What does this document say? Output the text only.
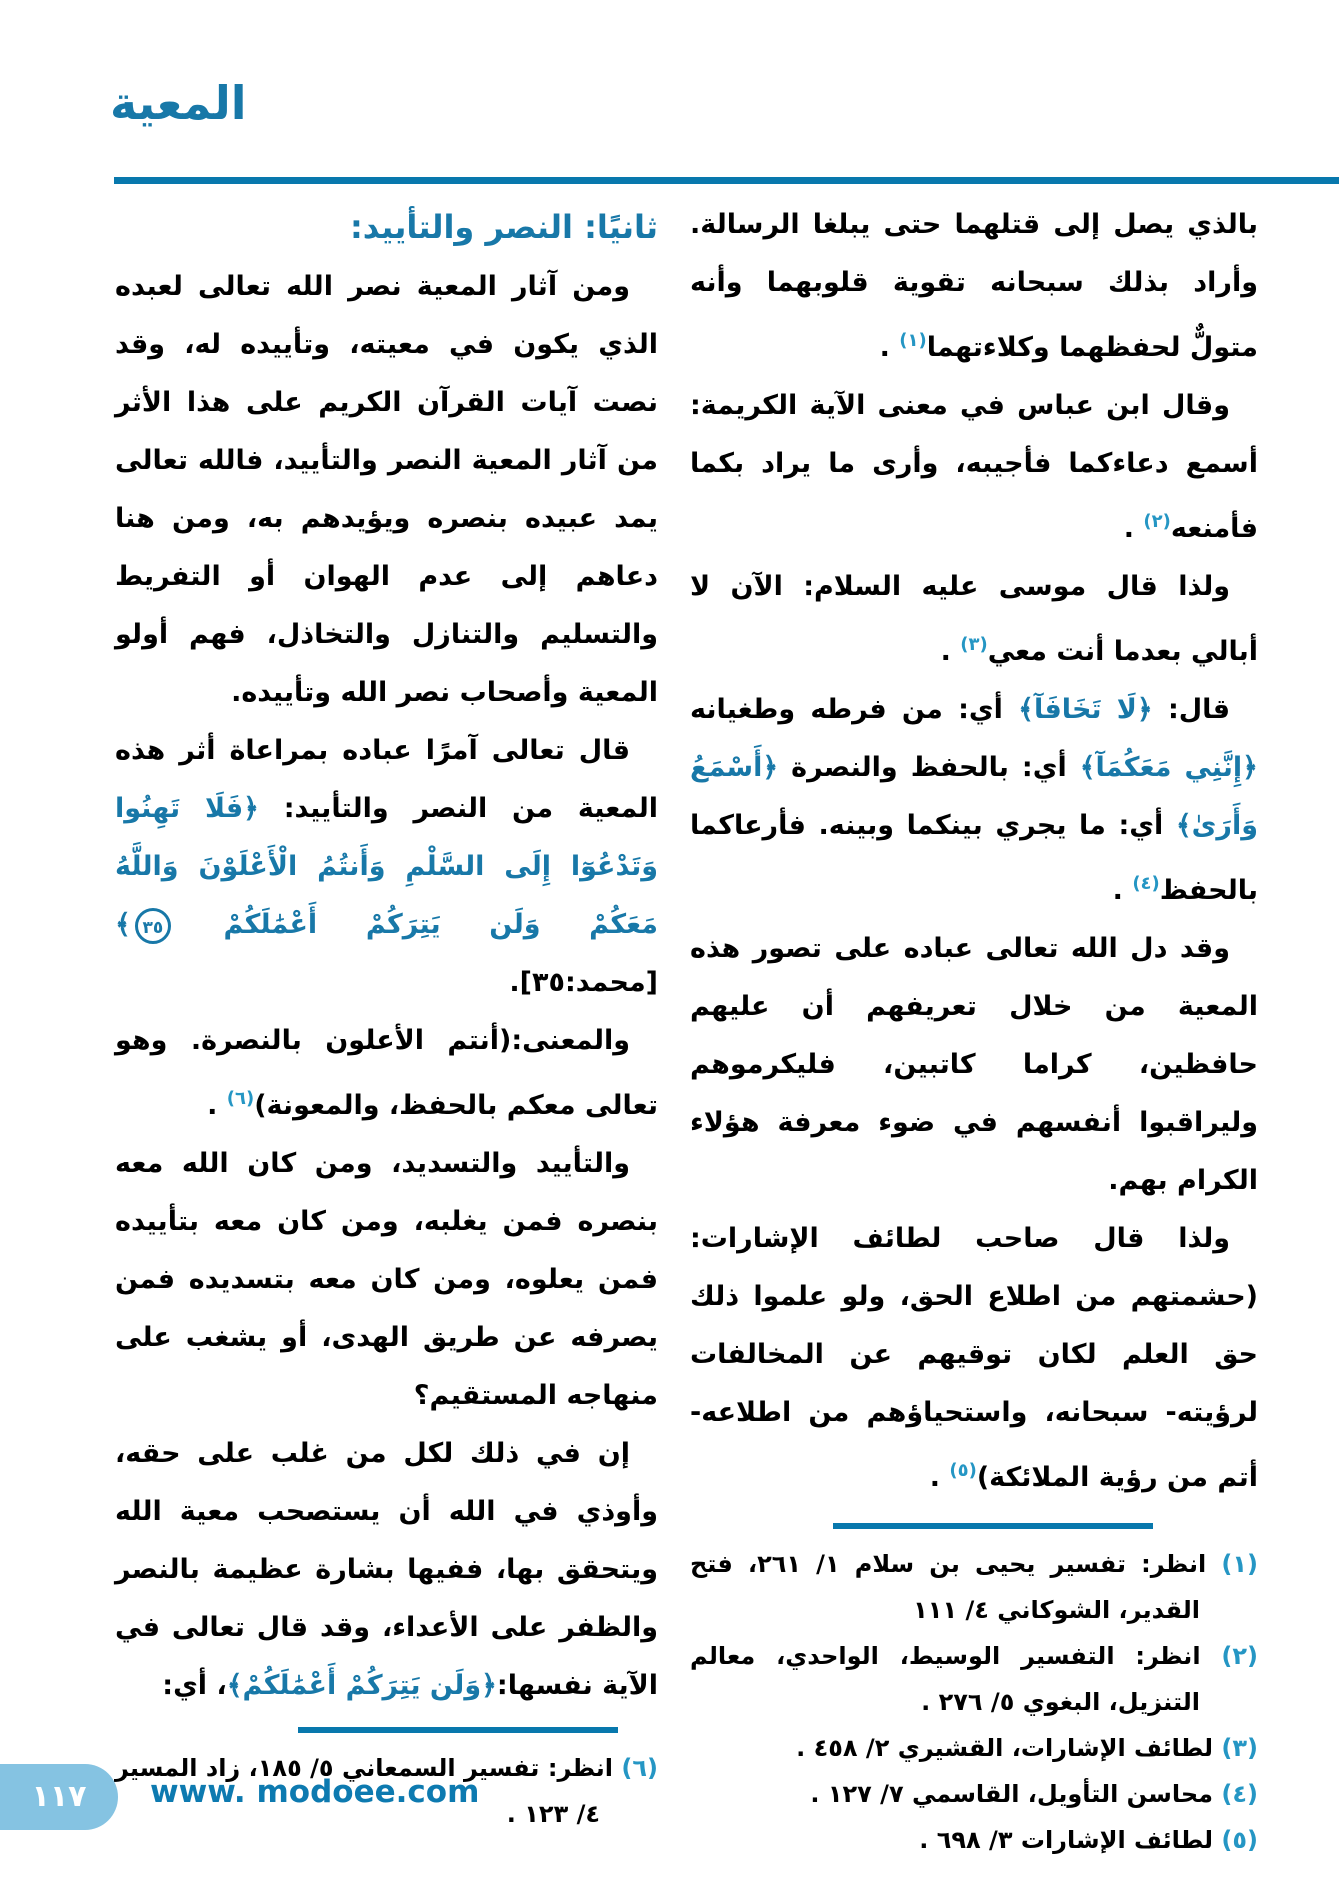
المعية

بالذي يصل إلى قتلهما حتى يبلغا الرسالة. وأراد بذلك سبحانه تقوية قلوبهما وأنه متولٌّ لحفظهما وكلاءتهما$^{(١)}$ .

وقال ابن عباس في معنى الآية الكريمة: أسمع دعاءكما فأجيبه، وأرى ما يراد بكما فأمنعه$^{(٢)}$ .

ولذا قال موسى عليه السلام: الآن لا أبالي بعدما أنت معي$^{(٣)}$ .

قال: ﴿لَا تَخَافَآ﴾ أي: من فرطه وطغيانه ﴿إِنَّنِي مَعَكُمَآ﴾ أي: بالحفظ والنصرة ﴿أَسْمَعُ وَأَرَىٰ﴾ أي: ما يجري بينكما وبينه. فأرعاكما بالحفظ$^{(٤)}$ .

وقد دل الله تعالى عباده على تصور هذه المعية من خلال تعريفهم أن عليهم حافظين، كراما كاتبين، فليكرموهم وليراقبوا أنفسهم في ضوء معرفة هؤلاء الكرام بهم.

ولذا قال صاحب لطائف الإشارات: (حشمتهم من اطلاع الحق، ولو علموا ذلك حق العلم لكان توقيهم عن المخالفات لرؤيته- سبحانه، واستحياؤهم من اطلاعه- أتم من رؤية الملائكة)$^{(٥)}$ .

(١) انظر: تفسير يحيى بن سلام ١/ ٢٦١، فتح القدير، الشوكاني ٤/ ١١١

(٢) انظر: التفسير الوسيط، الواحدي، معالم التنزيل، البغوي ٥/ ٢٧٦ .

(٣) لطائف الإشارات، القشيري ٢/ ٤٥٨ .

(٤) محاسن التأويل، القاسمي ٧/ ١٢٧ .

(٥) لطائف الإشارات ٣/ ٦٩٨ .

ثانيًا: النصر والتأييد:

ومن آثار المعية نصر الله تعالى لعبده الذي يكون في معيته، وتأييده له، وقد نصت آيات القرآن الكريم على هذا الأثر من آثار المعية النصر والتأييد، فالله تعالى يمد عبيده بنصره ويؤيدهم به، ومن هنا دعاهم إلى عدم الهوان أو التفريط والتسليم والتنازل والتخاذل، فهم أولو المعية وأصحاب نصر الله وتأييده.

قال تعالى آمرًا عباده بمراعاة أثر هذه المعية من النصر والتأييد: ﴿فَلَا تَهِنُوا وَتَدْعُوٓا إِلَى السَّلْمِ وَأَنتُمُ الْأَعْلَوْنَ وَاللَّهُ مَعَكُمْ وَلَن يَتِرَكُمْ أَعْمَٰلَكُمْ ٣٥﴾ [محمد:٣٥].

والمعنى:(أنتم الأعلون بالنصرة. وهو تعالى معكم بالحفظ، والمعونة)$^{(٦)}$ .

والتأييد والتسديد، ومن كان الله معه بنصره فمن يغلبه، ومن كان معه بتأييده فمن يعلوه، ومن كان معه بتسديده فمن يصرفه عن طريق الهدى، أو يشغب على منهاجه المستقيم؟

إن في ذلك لكل من غلب على حقه، وأوذي في الله أن يستصحب معية الله ويتحقق بها، ففيها بشارة عظيمة بالنصر والظفر على الأعداء، وقد قال تعالى في الآية نفسها:﴿وَلَن يَتِرَكُمْ أَعْمَٰلَكُمْ﴾، أي:

(٦) انظر: تفسير السمعاني ٥/ ١٨٥، زاد المسير ٤/ ١٢٣ .

١١٧	www. modoee.com
